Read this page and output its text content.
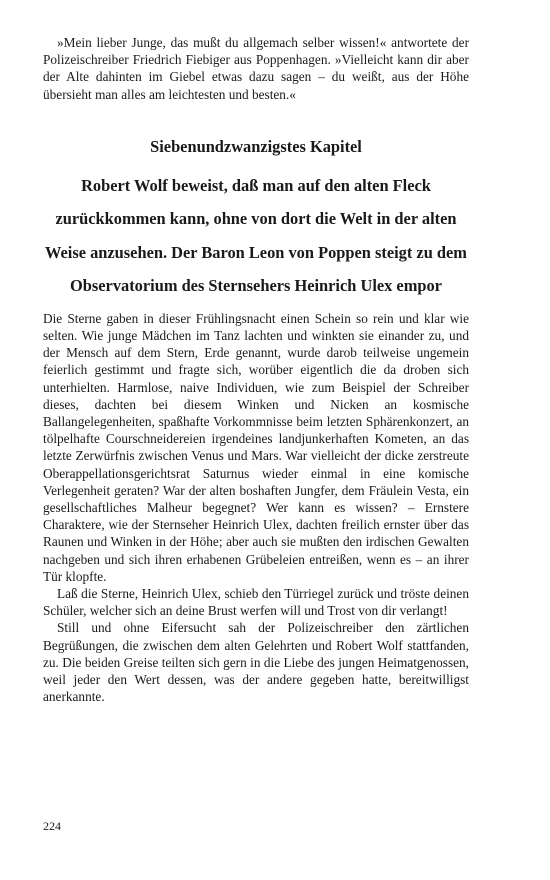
»Mein lieber Junge, das mußt du allgemach selber wissen!« antwortete der Polizeischreiber Friedrich Fiebiger aus Poppenhagen. »Vielleicht kann dir aber der Alte dahinten im Giebel etwas dazu sagen – du weißt, aus der Höhe übersieht man alles am leichtesten und besten.«

Siebenundzwanzigstes Kapitel
Robert Wolf beweist, daß man auf den alten Fleck zurückkommen kann, ohne von dort die Welt in der alten Weise anzusehen. Der Baron Leon von Poppen steigt zu dem Observatorium des Sternsehers Heinrich Ulex empor

Die Sterne gaben in dieser Frühlingsnacht einen Schein so rein und klar wie selten. Wie junge Mädchen im Tanz lachten und winkten sie einander zu, und der Mensch auf dem Stern, Erde genannt, wurde darob teilweise ungemein feierlich gestimmt und fragte sich, worüber eigentlich die da droben sich unterhielten. Harmlose, naive Individuen, wie zum Beispiel der Schreiber dieses, dachten bei diesem Winken und Nicken an kosmische Ballangelegenheiten, spaßhafte Vorkommnisse beim letzten Sphärenkonzert, an tölpelhafte Courschneidereien irgendeines landjunkerhaften Kometen, an das letzte Zerwürfnis zwischen Venus und Mars. War vielleicht der dicke zerstreute Oberappellationsgerichtsrat Saturnus wieder einmal in eine komische Verlegenheit geraten? War der alten boshaften Jungfer, dem Fräulein Vesta, ein gesellschaftliches Malheur begegnet? Wer kann es wissen? – Ernstere Charaktere, wie der Sternseher Heinrich Ulex, dachten freilich ernster über das Raunen und Winken in der Höhe; aber auch sie mußten den irdischen Gewalten nachgeben und sich ihren erhabenen Grübeleien entreißen, wenn es – an ihrer Tür klopfte.

Laß die Sterne, Heinrich Ulex, schieb den Türriegel zurück und tröste deinen Schüler, welcher sich an deine Brust werfen will und Trost von dir verlangt!

Still und ohne Eifersucht sah der Polizeischreiber den zärtlichen Begrüßungen, die zwischen dem alten Gelehrten und Robert Wolf stattfanden, zu. Die beiden Greise teilten sich gern in die Liebe des jungen Heimatgenossen, weil jeder den Wert dessen, was der andere gegeben hatte, bereitwilligst anerkannte.

224
